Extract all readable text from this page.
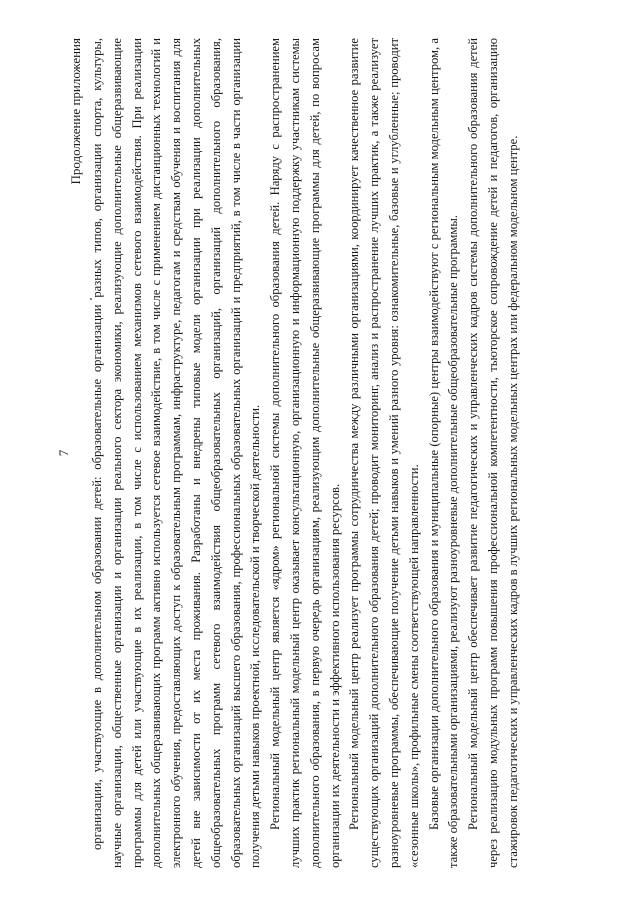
7
Продолжение приложения организации, участвующие в дополнительном образовании детей: образовательные организации разных типов, организации спорта, культуры, научные организации, общественные организации и организации реального сектора экономики, реализующие дополнительные общеразвивающие программы для детей или участвующие в их реализации, в том числе с использованием механизмов сетевого взаимодействия. При реализации дополнительных общеразвивающих программ активно используется сетевое взаимодействие, в том числе с применением дистанционных технологий и электронного обучения, предоставляющих доступ к образовательным программам, инфраструктуре, педагогам и средствам обучения и воспитания для детей вне зависимости от их места проживания. Разработаны и внедрены типовые модели организации при реализации дополнительных общеобразовательных программ сетевого взаимодействия общеобразовательных организаций, организаций дополнительного образования, образовательных организаций высшего образования, профессиональных образовательных организаций и предприятий, в том числе в части организации получения детьми навыков проектной, исследовательской и творческой деятельности. Региональный модельный центр является «ядром» региональной системы дополнительного образования детей. Наряду с распространением лучших практик региональный модельный центр оказывает консультационную, организационную и информационную поддержку участникам системы дополнительного образования, в первую очередь организациям, реализующим дополнительные общеразвивающие программы для детей, по вопросам организации их деятельности и эффективного использования ресурсов. Региональный модельный центр реализует программы сотрудничества между различными организациями, координирует качественное развитие существующих организаций дополнительного образования детей; проводит мониторинг, анализ и распространение лучших практик, а также реализует разноуровневые программы, обеспечивающие получение детьми навыков и умений разного уровня: ознакомительные, базовые и углубленные; проводит «сезонные школы», профильные смены соответствующей направленности. Базовые организации дополнительного образования и муниципальные (опорные) центры взаимодействуют с региональным модельным центром, а также образовательными организациями, реализуют разноуровневые дополнительные общеобразовательные программы. Региональный модельный центр обеспечивает развитие педагогических и управленческих кадров системы дополнительного образования детей через реализацию модульных программ повышения профессиональной компетентности, тьюторское сопровождение детей и педагогов, организацию стажировок педагогических и управленческих кадров в лучших региональных модельных центрах или федеральном модельном центре.
